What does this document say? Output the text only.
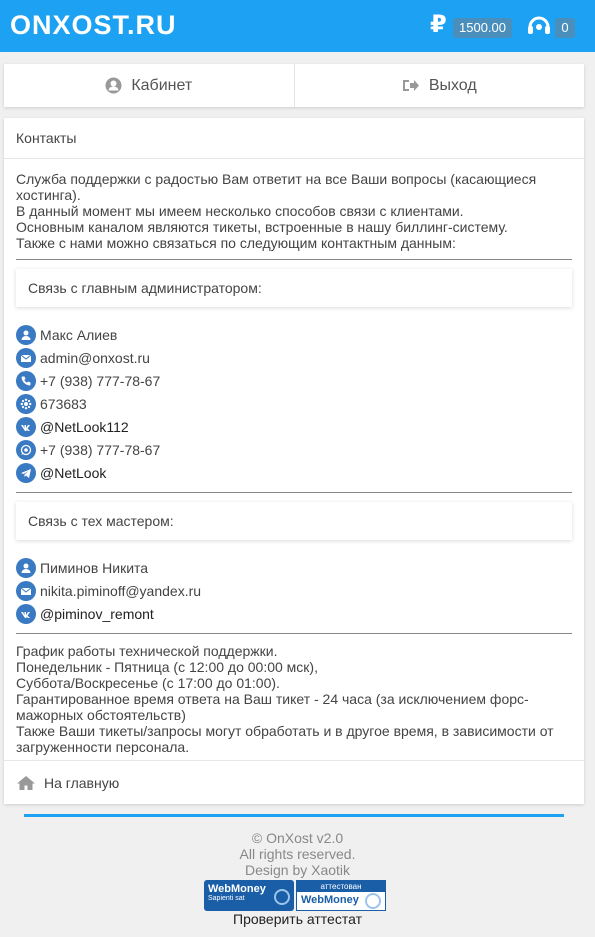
ONXOST.RU	₽ 1500.00	0
Кабинет	Выход
Контакты
Служба поддержки с радостью Вам ответит на все Ваши вопросы (касающиеся хостинга).
В данный момент мы имеем несколько способов связи с клиентами.
Основным каналом являются тикеты, встроенные в нашу биллинг-систему.
Также с нами можно связаться по следующим контактным данным:
Связь с главным администратором:
Макс Алиев
admin@onxost.ru
+7 (938) 777-78-67
673683
@NetLook112
+7 (938) 777-78-67
@NetLook
Связь с тех мастером:
Пиминов Никита
nikita.piminoff@yandex.ru
@piminov_remont
График работы технической поддержки.
Понедельник - Пятница (с 12:00 до 00:00 мск),
Суббота/Воскресенье (с 17:00 до 01:00).
Гарантированное время ответа на Ваш тикет - 24 часа (за исключением форс-мажорных обстоятельств)
Также Ваши тикеты/запросы могут обработать и в другое время, в зависимости от загруженности персонала.
На главную
© OnXost v2.0
All rights reserved.
Design by Xaotik
WebMoney
Sapienti sat
аттестован
WebMoney
Проверить аттестат
